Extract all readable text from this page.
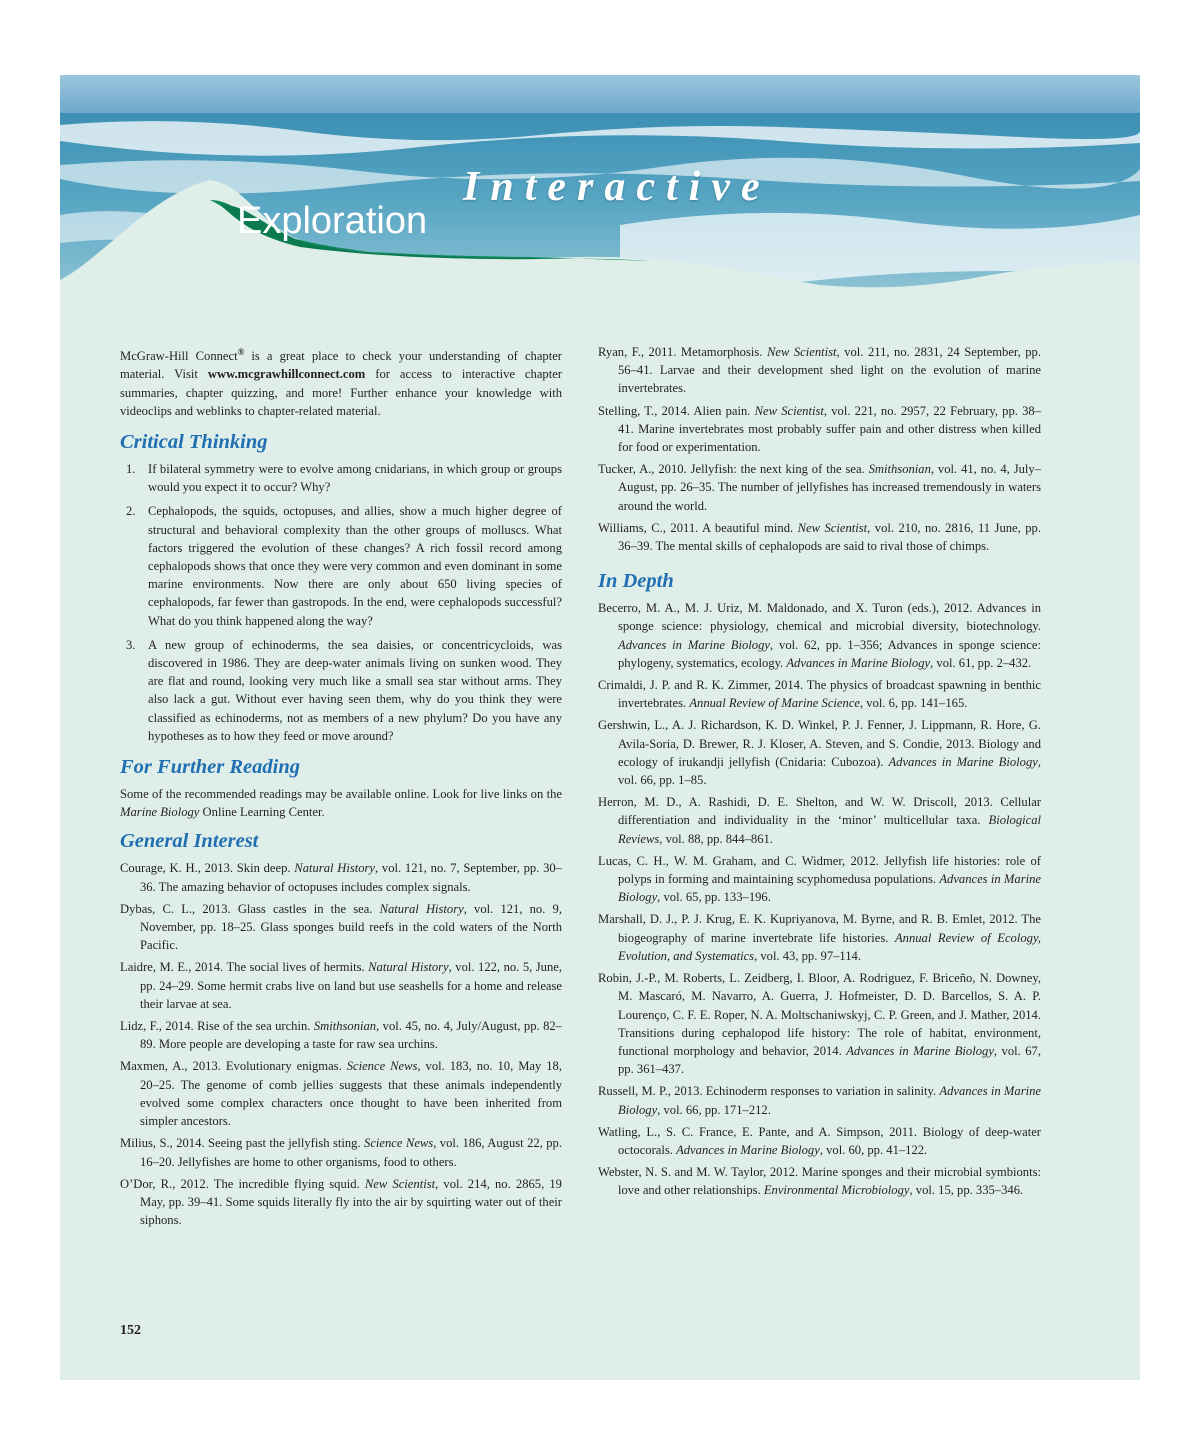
Interactive

Exploration

McGraw-Hill Connect® is a great place to check your understanding of chapter material. Visit www.mcgrawhillconnect.com for access to interactive chapter summaries, chapter quizzing, and more! Further enhance your knowledge with videoclips and weblinks to chapter-related material.

Critical Thinking
1. If bilateral symmetry were to evolve among cnidarians, in which group or groups would you expect it to occur? Why?
2. Cephalopods, the squids, octopuses, and allies, show a much higher degree of structural and behavioral complexity than the other groups of molluscs. What factors triggered the evolution of these changes? A rich fossil record among cephalopods shows that once they were very common and even dominant in some marine environments. Now there are only about 650 living species of cephalopods, far fewer than gastropods. In the end, were cephalopods successful? What do you think happened along the way?
3. A new group of echinoderms, the sea daisies, or concentricycloids, was discovered in 1986. They are deep-water animals living on sunken wood. They are flat and round, looking very much like a small sea star without arms. They also lack a gut. Without ever having seen them, why do you think they were classified as echinoderms, not as members of a new phylum? Do you have any hypotheses as to how they feed or move around?
For Further Reading

Some of the recommended readings may be available online. Look for live links on the Marine Biology Online Learning Center.

General Interest

Courage, K. H., 2013. Skin deep. Natural History, vol. 121, no. 7, September, pp. 30–36. The amazing behavior of octopuses includes complex signals.

Dybas, C. L., 2013. Glass castles in the sea. Natural History, vol. 121, no. 9, November, pp. 18–25. Glass sponges build reefs in the cold waters of the North Pacific.

Laidre, M. E., 2014. The social lives of hermits. Natural History, vol. 122, no. 5, June, pp. 24–29. Some hermit crabs live on land but use seashells for a home and release their larvae at sea.

Lidz, F., 2014. Rise of the sea urchin. Smithsonian, vol. 45, no. 4, July/August, pp. 82–89. More people are developing a taste for raw sea urchins.

Maxmen, A., 2013. Evolutionary enigmas. Science News, vol. 183, no. 10, May 18, 20–25. The genome of comb jellies suggests that these animals independently evolved some complex characters once thought to have been inherited from simpler ancestors.

Milius, S., 2014. Seeing past the jellyfish sting. Science News, vol. 186, August 22, pp. 16–20. Jellyfishes are home to other organisms, food to others.

O’Dor, R., 2012. The incredible flying squid. New Scientist, vol. 214, no. 2865, 19 May, pp. 39–41. Some squids literally fly into the air by squirting water out of their siphons.

Ryan, F., 2011. Metamorphosis. New Scientist, vol. 211, no. 2831, 24 September, pp. 56–41. Larvae and their development shed light on the evolution of marine invertebrates.

Stelling, T., 2014. Alien pain. New Scientist, vol. 221, no. 2957, 22 February, pp. 38–41. Marine invertebrates most probably suffer pain and other distress when killed for food or experimentation.

Tucker, A., 2010. Jellyfish: the next king of the sea. Smithsonian, vol. 41, no. 4, July–August, pp. 26–35. The number of jellyfishes has increased tremendously in waters around the world.

Williams, C., 2011. A beautiful mind. New Scientist, vol. 210, no. 2816, 11 June, pp. 36–39. The mental skills of cephalopods are said to rival those of chimps.

In Depth

Becerro, M. A., M. J. Uriz, M. Maldonado, and X. Turon (eds.), 2012. Advances in sponge science: physiology, chemical and microbial diversity, biotechnology. Advances in Marine Biology, vol. 62, pp. 1–356; Advances in sponge science: phylogeny, systematics, ecology. Advances in Marine Biology, vol. 61, pp. 2–432.

Crimaldi, J. P. and R. K. Zimmer, 2014. The physics of broadcast spawning in benthic invertebrates. Annual Review of Marine Science, vol. 6, pp. 141–165.

Gershwin, L., A. J. Richardson, K. D. Winkel, P. J. Fenner, J. Lippmann, R. Hore, G. Avila-Soria, D. Brewer, R. J. Kloser, A. Steven, and S. Condie, 2013. Biology and ecology of irukandji jellyfish (Cnidaria: Cubozoa). Advances in Marine Biology, vol. 66, pp. 1–85.

Herron, M. D., A. Rashidi, D. E. Shelton, and W. W. Driscoll, 2013. Cellular differentiation and individuality in the ‘minor’ multicellular taxa. Biological Reviews, vol. 88, pp. 844–861.

Lucas, C. H., W. M. Graham, and C. Widmer, 2012. Jellyfish life histories: role of polyps in forming and maintaining scyphomedusa populations. Advances in Marine Biology, vol. 65, pp. 133–196.

Marshall, D. J., P. J. Krug, E. K. Kupriyanova, M. Byrne, and R. B. Emlet, 2012. The biogeography of marine invertebrate life histories. Annual Review of Ecology, Evolution, and Systematics, vol. 43, pp. 97–114.

Robin, J.-P., M. Roberts, L. Zeidberg, I. Bloor, A. Rodriguez, F. Briceño, N. Downey, M. Mascaró, M. Navarro, A. Guerra, J. Hofmeister, D. D. Barcellos, S. A. P. Lourenço, C. F. E. Roper, N. A. Moltschaniwskyj, C. P. Green, and J. Mather, 2014. Transitions during cephalopod life history: The role of habitat, environment, functional morphology and behavior, 2014. Advances in Marine Biology, vol. 67, pp. 361–437.

Russell, M. P., 2013. Echinoderm responses to variation in salinity. Advances in Marine Biology, vol. 66, pp. 171–212.

Watling, L., S. C. France, E. Pante, and A. Simpson, 2011. Biology of deep-water octocorals. Advances in Marine Biology, vol. 60, pp. 41–122.

Webster, N. S. and M. W. Taylor, 2012. Marine sponges and their microbial symbionts: love and other relationships. Environmental Microbiology, vol. 15, pp. 335–346.

152
